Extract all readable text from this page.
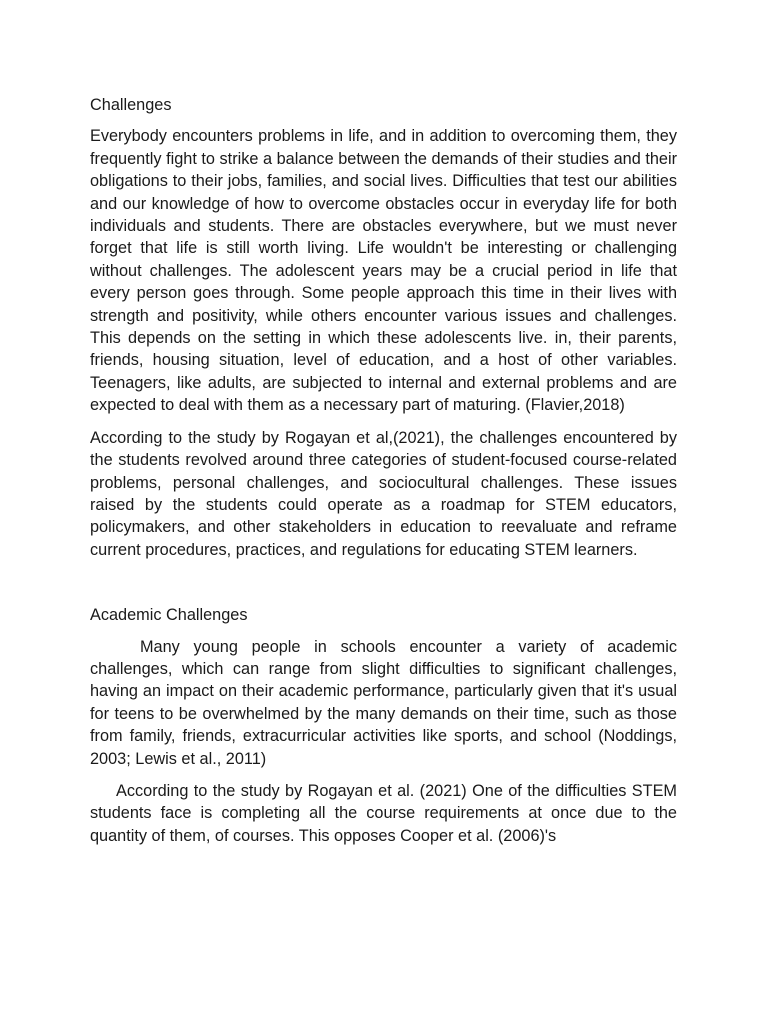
Challenges

Everybody encounters problems in life, and in addition to overcoming them, they frequently fight to strike a balance between the demands of their studies and their obligations to their jobs, families, and social lives. Difficulties that test our abilities and our knowledge of how to overcome obstacles occur in everyday life for both individuals and students. There are obstacles everywhere, but we must never forget that life is still worth living. Life wouldn't be interesting or challenging without challenges. The adolescent years may be a crucial period in life that every person goes through. Some people approach this time in their lives with strength and positivity, while others encounter various issues and challenges. This depends on the setting in which these adolescents live. in, their parents, friends, housing situation, level of education, and a host of other variables. Teenagers, like adults, are subjected to internal and external problems and are expected to deal with them as a necessary part of maturing. (Flavier,2018)

According to the study by Rogayan et al,(2021), the challenges encountered by the students revolved around three categories of student-focused course-related problems, personal challenges, and sociocultural challenges. These issues raised by the students could operate as a roadmap for STEM educators, policymakers, and other stakeholders in education to reevaluate and reframe current procedures, practices, and regulations for educating STEM learners.

Academic Challenges

Many young people in schools encounter a variety of academic challenges, which can range from slight difficulties to significant challenges, having an impact on their academic performance, particularly given that it's usual for teens to be overwhelmed by the many demands on their time, such as those from family, friends, extracurricular activities like sports, and school (Noddings, 2003; Lewis et al., 2011)

According to the study by Rogayan et al. (2021) One of the difficulties STEM students face is completing all the course requirements at once due to the quantity of them, of courses. This opposes Cooper et al. (2006)'s
